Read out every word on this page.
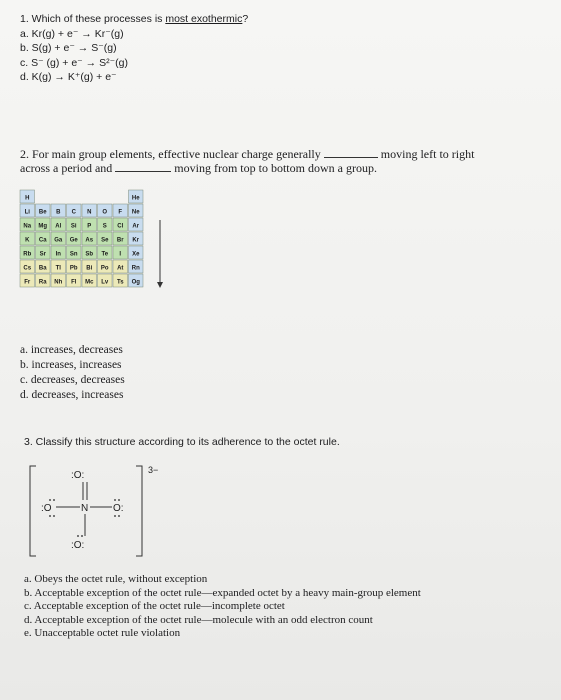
1. Which of these processes is most exothermic?
a. Kr(g) + e⁻ → Kr⁻(g)
b. S(g) + e⁻ → S⁻(g)
c. S⁻ (g) + e⁻ → S²⁻(g)
d. K(g) → K⁺(g) + e⁻
2. For main group elements, effective nuclear charge generally	moving left to right
across a period and	moving from top to bottom down a group.
H	He
Li Be B C N O F Ne
Na Mg Al Si P S Cl Ar
K Ca Ga Ge As Se Br Kr
Rb Sr In Sn Sb Te I Xe
Cs Ba Tl Pb Bi Po At Rn
Fr Ra Nh Fl Mc Lv Ts Og
a. increases, decreases
b. increases, increases
c. decreases, decreases
d. decreases, increases
3. Classify this structure according to its adherence to the octet rule.
3−
:O:
:O	N O:
:O:
a. Obeys the octet rule, without exception
b. Acceptable exception of the octet rule—expanded octet by a heavy main-group element
c. Acceptable exception of the octet rule—incomplete octet
d. Acceptable exception of the octet rule—molecule with an odd electron count
e. Unacceptable octet rule violation
